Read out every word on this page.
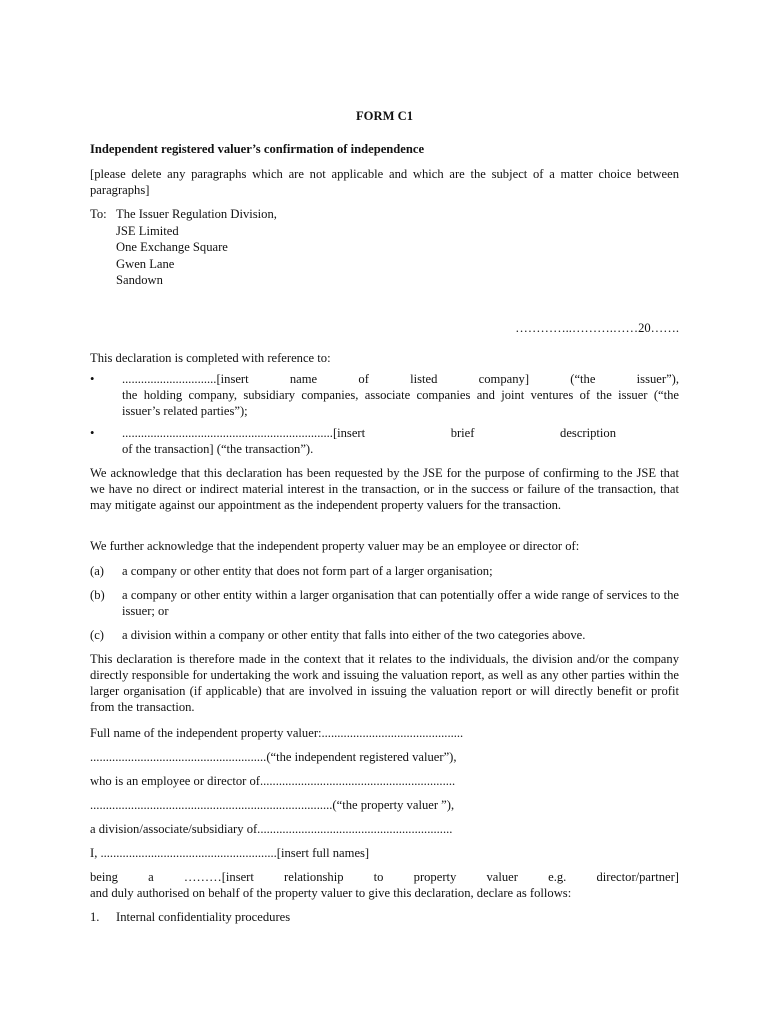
FORM C1
Independent registered valuer’s confirmation of independence
[please delete any paragraphs which are not applicable and which are the subject of a matter choice between paragraphs]
To: The Issuer Regulation Division,
JSE Limited
One Exchange Square
Gwen Lane
Sandown
…………..……….……20…….
This declaration is completed with reference to:
•	..............................[insert name of listed company] (“the issuer”),
the holding company, subsidiary companies, associate companies and joint ventures of the issuer (“the issuer’s related parties”);
•	...................................................................[insert brief description
of the transaction] (“the transaction”).
We acknowledge that this declaration has been requested by the JSE for the purpose of confirming to the JSE that we have no direct or indirect material interest in the transaction, or in the success or failure of the transaction, that may mitigate against our appointment as the independent property valuers for the transaction.
We further acknowledge that the independent property valuer may be an employee or director of:
(a)	a company or other entity that does not form part of a larger organisation;
(b)	a company or other entity within a larger organisation that can potentially offer a wide range of services to the issuer; or
(c)	a division within a company or other entity that falls into either of the two categories above.
This declaration is therefore made in the context that it relates to the individuals, the division and/or the company directly responsible for undertaking the work and issuing the valuation report, as well as any other parties within the larger organisation (if applicable) that are involved in issuing the valuation report or will directly benefit or profit from the transaction.
Full name of the independent property valuer:.............................................
........................................................(“the independent registered valuer”),
who is an employee or director of..............................................................
.............................................................................(“the property valuer ”),
a division/associate/subsidiary of..............................................................
I, ........................................................[insert full names]
being a ………[insert relationship to property valuer e.g. director/partner]
and duly authorised on behalf of the property valuer to give this declaration, declare as follows:
1.	Internal confidentiality procedures
